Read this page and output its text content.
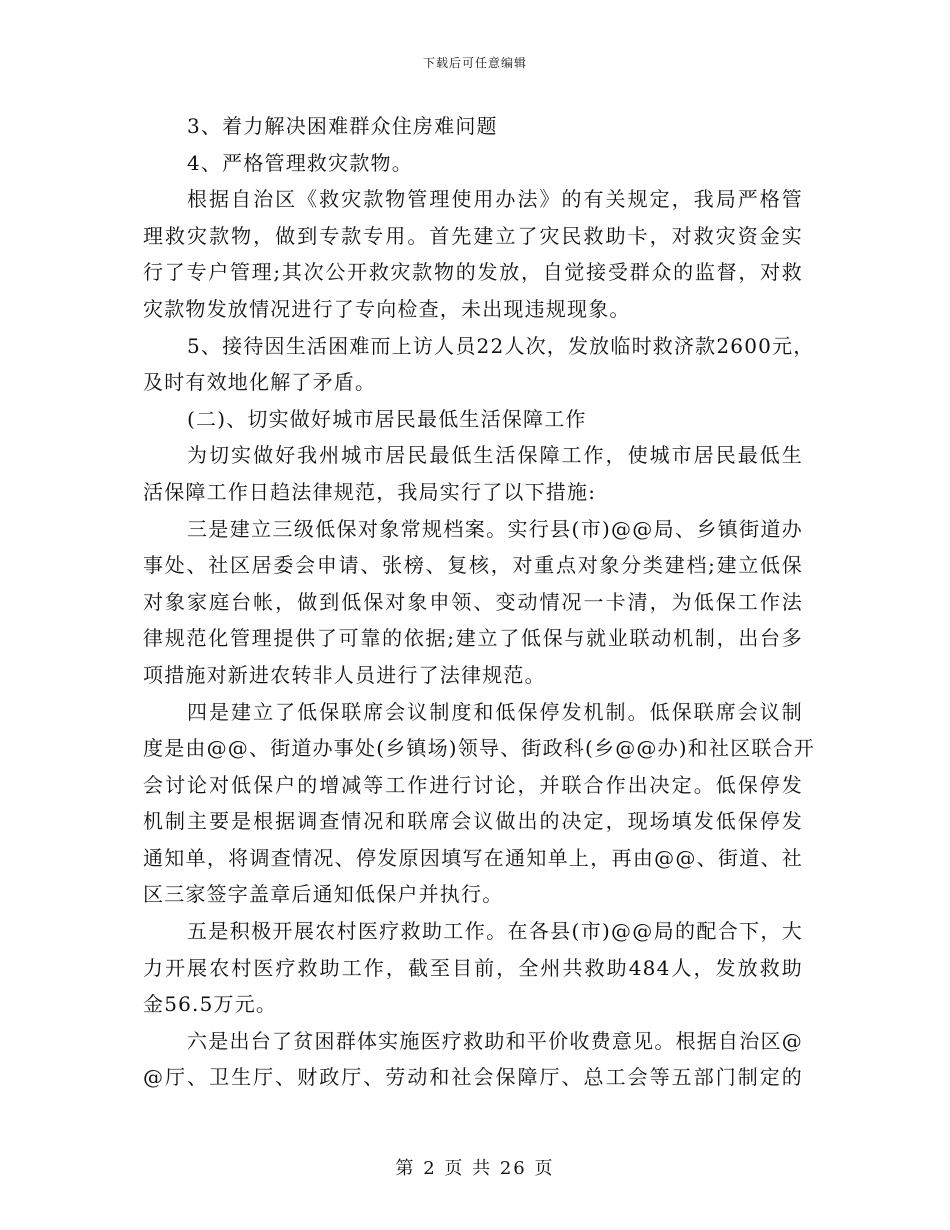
下载后可任意编辑
3、着力解决困难群众住房难问题
4、严格管理救灾款物。
根据自治区《救灾款物管理使用办法》的有关规定，我局严格管
理救灾款物，做到专款专用。首先建立了灾民救助卡，对救灾资金实
行了专户管理;其次公开救灾款物的发放，自觉接受群众的监督，对救
灾款物发放情况进行了专向检查，未出现违规现象。
5、接待因生活困难而上访人员22人次，发放临时救济款2600元，
及时有效地化解了矛盾。
(二)、切实做好城市居民最低生活保障工作
为切实做好我州城市居民最低生活保障工作，使城市居民最低生
活保障工作日趋法律规范，我局实行了以下措施:
三是建立三级低保对象常规档案。实行县(市)@@局、乡镇街道办
事处、社区居委会申请、张榜、复核，对重点对象分类建档;建立低保
对象家庭台帐，做到低保对象申领、变动情况一卡清，为低保工作法
律规范化管理提供了可靠的依据;建立了低保与就业联动机制，出台多
项措施对新进农转非人员进行了法律规范。
四是建立了低保联席会议制度和低保停发机制。低保联席会议制
度是由@@、街道办事处(乡镇场)领导、街政科(乡@@办)和社区联合开
会讨论对低保户的增减等工作进行讨论，并联合作出决定。低保停发
机制主要是根据调查情况和联席会议做出的决定，现场填发低保停发
通知单，将调查情况、停发原因填写在通知单上，再由@@、街道、社
区三家签字盖章后通知低保户并执行。
五是积极开展农村医疗救助工作。在各县(市)@@局的配合下，大
力开展农村医疗救助工作，截至目前，全州共救助484人，发放救助
金56.5万元。
六是出台了贫困群体实施医疗救助和平价收费意见。根据自治区@
@厅、卫生厅、财政厅、劳动和社会保障厅、总工会等五部门制定的
第 2 页 共 26 页
